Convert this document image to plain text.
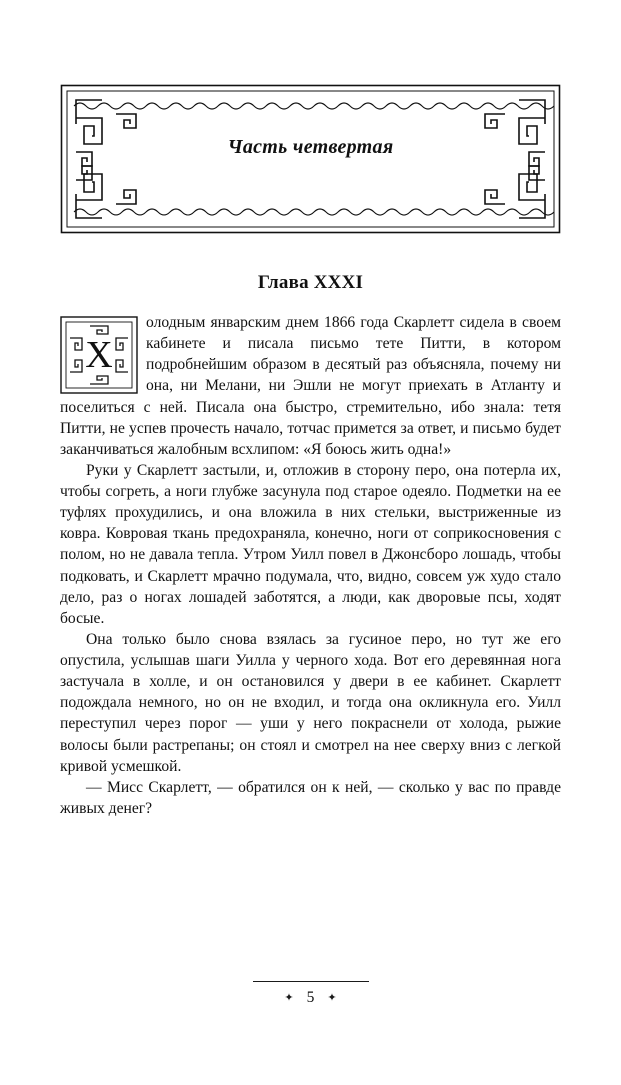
Часть четвертая
Глава XXXI
Х

олодным январским днем 1866 года Скарлетт сидела в своем кабинете и писала письмо тете Питти, в котором подробнейшим образом в десятый раз объясняла, почему ни она, ни Мелани, ни Эшли не могут приехать в Атланту и поселиться с ней. Писала она быстро, стремительно, ибо знала: тетя Питти, не успев прочесть начало, тотчас примется за ответ, и письмо будет заканчиваться жалобным всхлипом: «Я боюсь жить одна!»

Руки у Скарлетт застыли, и, отложив в сторону перо, она потерла их, чтобы согреть, а ноги глубже засунула под старое одеяло. Подметки на ее туфлях прохудились, и она вложила в них стельки, выстриженные из ковра. Ковровая ткань предохраняла, конечно, ноги от соприкосновения с полом, но не давала тепла. Утром Уилл повел в Джонсборо лошадь, чтобы подковать, и Скарлетт мрачно подумала, что, видно, совсем уж худо стало дело, раз о ногах лошадей заботятся, а люди, как дворовые псы, ходят босые.

Она только было снова взялась за гусиное перо, но тут же его опустила, услышав шаги Уилла у черного хода. Вот его деревянная нога застучала в холле, и он остановился у двери в ее кабинет. Скарлетт подождала немного, но он не входил, и тогда она окликнула его. Уилл переступил через порог — уши у него покраснели от холода, рыжие волосы были растрепаны; он стоял и смотрел на нее сверху вниз с легкой кривой усмешкой.

— Мисс Скарлетт, — обратился он к ней, — сколько у вас по правде живых денег?

✦ 5 ✦
